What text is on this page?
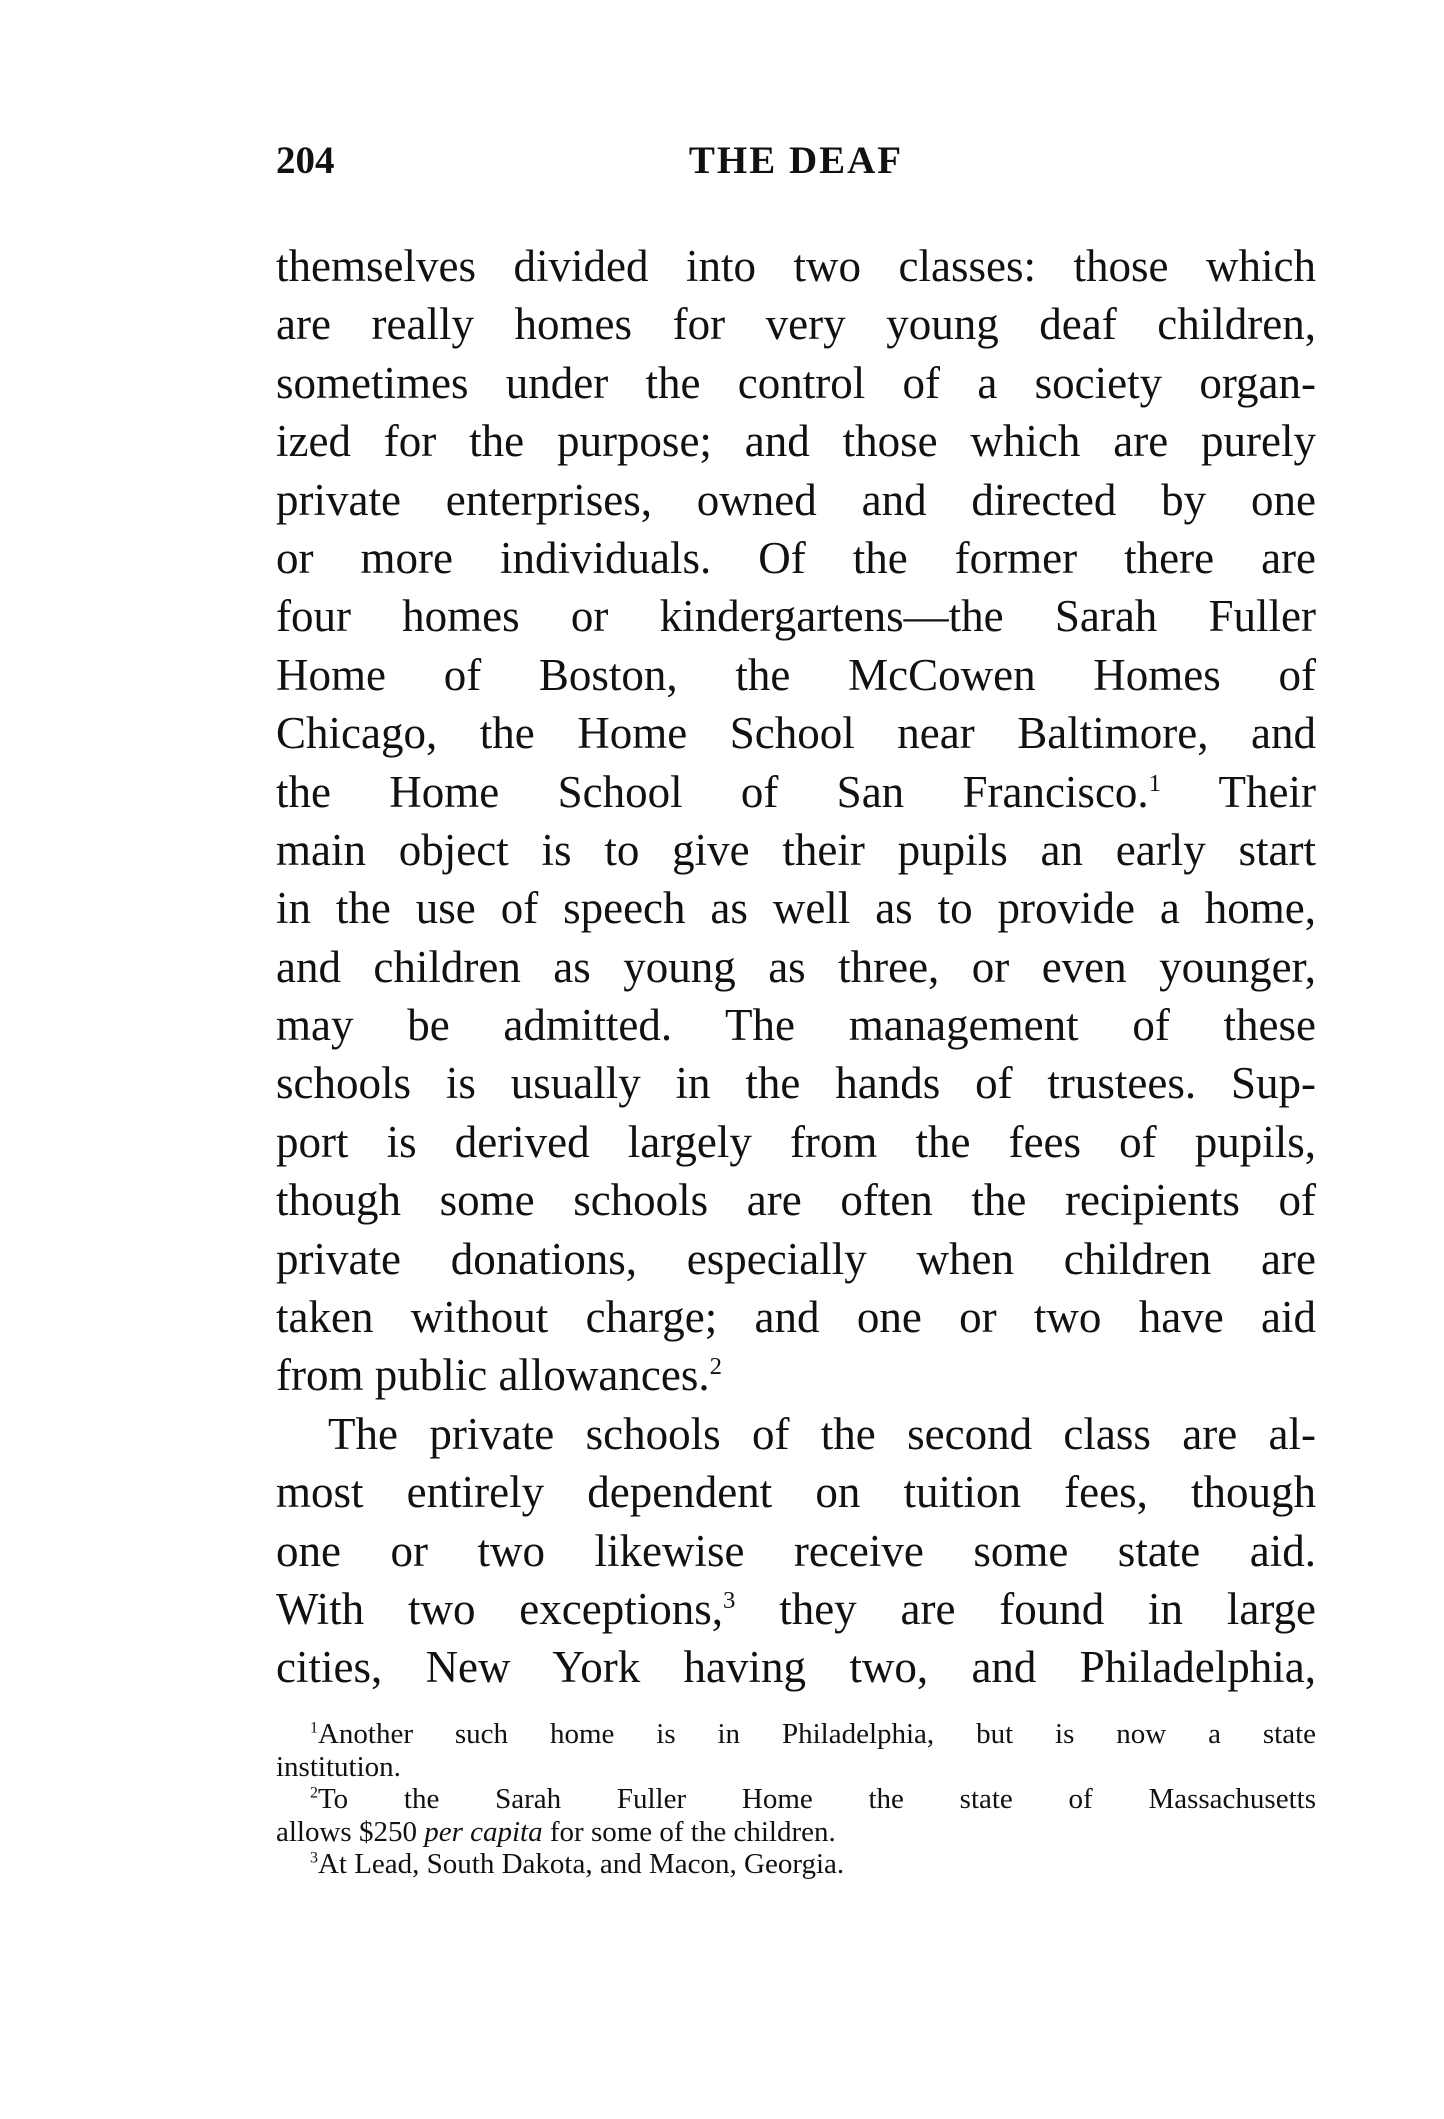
204	THE DEAF
themselves divided into two classes: those which
are really homes for very young deaf children,
sometimes under the control of a society organ-
ized for the purpose; and those which are purely
private enterprises, owned and directed by one
or more individuals. Of the former there are
four homes or kindergartens—the Sarah Fuller
Home of Boston, the McCowen Homes of
Chicago, the Home School near Baltimore, and
the Home School of San Francisco.$^1$ Their
main object is to give their pupils an early start
in the use of speech as well as to provide a home,
and children as young as three, or even younger,
may be admitted. The management of these
schools is usually in the hands of trustees. Sup-
port is derived largely from the fees of pupils,
though some schools are often the recipients of
private donations, especially when children are
taken without charge; and one or two have aid
from public allowances.$^2$
The private schools of the second class are al-
most entirely dependent on tuition fees, though
one or two likewise receive some state aid.
With two exceptions,$^3$ they are found in large
cities, New York having two, and Philadelphia,
$^1$Another such home is in Philadelphia, but is now a state
institution.
$^2$To the Sarah Fuller Home the state of Massachusetts
allows $250 per capita for some of the children.
$^3$At Lead, South Dakota, and Macon, Georgia.
